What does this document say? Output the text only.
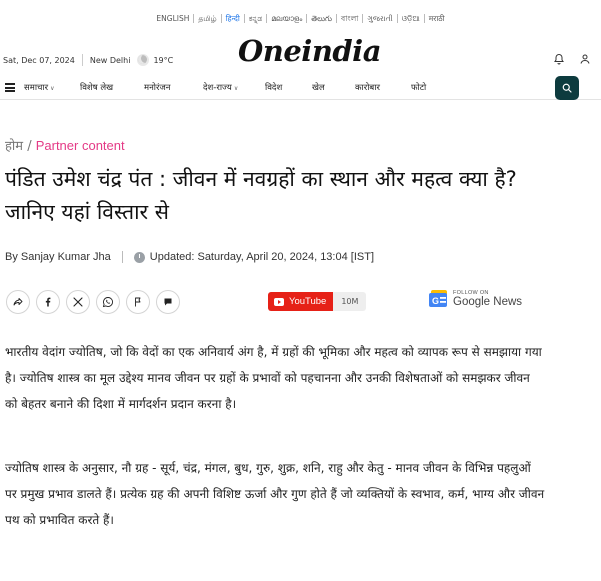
ENGLISH தமிழ் हिन्दी ಕನ್ನಡ മലയാളം తెలుగు বাংলা ગુજરાતી ଓଡ଼ିଆ मराठी
Sat, Dec 07, 2024 New Delhi	19°C Oneindia
समाचार ∨	विशेष लेख	मनोरंजन	देश-राज्य ∨	विदेश	खेल	कारोबार	फोटो
होम / Partner content
पंडित उमेश चंद्र पंत : जीवन में नवग्रहों का स्थान और महत्व क्या है? जानिए यहां विस्तार से
By Sanjay Kumar Jha	Updated: Saturday, April 20, 2024, 13:04 [IST]
YouTube	10M	G
FOLLOW ON
Google News

भारतीय वेदांग ज्योतिष, जो कि वेदों का एक अनिवार्य अंग है, में ग्रहों की भूमिका और महत्व को व्यापक रूप से समझाया गया है। ज्योतिष शास्त्र का मूल उद्देश्य मानव जीवन पर ग्रहों के प्रभावों को पहचानना और उनकी विशेषताओं को समझकर जीवन को बेहतर बनाने की दिशा में मार्गदर्शन प्रदान करना है।

ज्योतिष शास्त्र के अनुसार, नौ ग्रह - सूर्य, चंद्र, मंगल, बुध, गुरु, शुक्र, शनि, राहु और केतु - मानव जीवन के विभिन्न पहलुओं पर प्रमुख प्रभाव डालते हैं। प्रत्येक ग्रह की अपनी विशिष्ट ऊर्जा और गुण होते हैं जो व्यक्तियों के स्वभाव, कर्म, भाग्य और जीवन पथ को प्रभावित करते हैं।
